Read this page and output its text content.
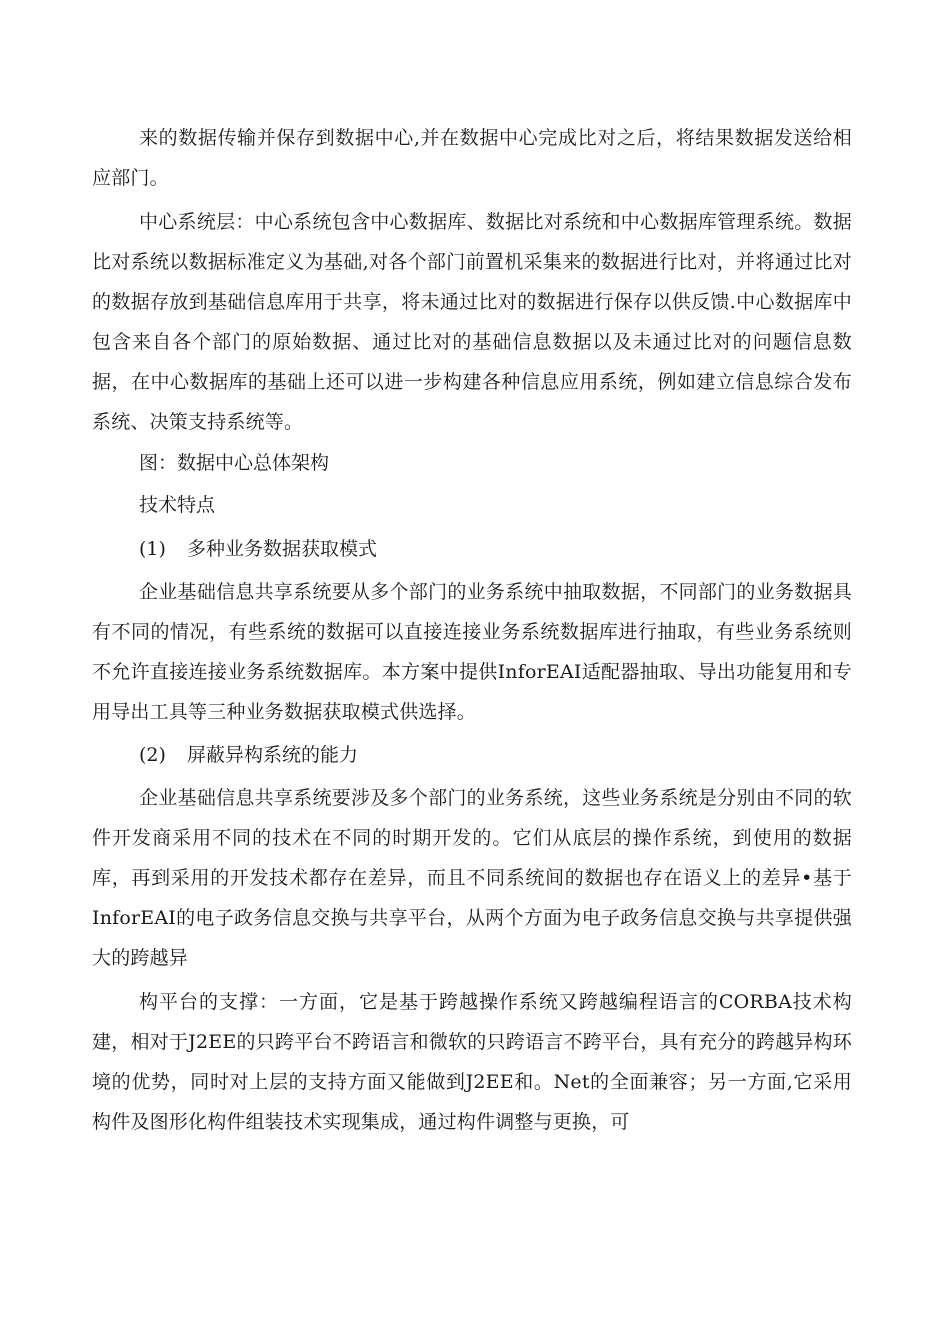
来的数据传输并保存到数据中心,并在数据中心完成比对之后，将结果数据发送给相应部门。

中心系统层：中心系统包含中心数据库、数据比对系统和中心数据库管理系统。数据比对系统以数据标准定义为基础,对各个部门前置机采集来的数据进行比对，并将通过比对的数据存放到基础信息库用于共享，将未通过比对的数据进行保存以供反馈.中心数据库中包含来自各个部门的原始数据、通过比对的基础信息数据以及未通过比对的问题信息数据，在中心数据库的基础上还可以进一步构建各种信息应用系统，例如建立信息综合发布系统、决策支持系统等。

图：数据中心总体架构

技术特点

(1) 多种业务数据获取模式

企业基础信息共享系统要从多个部门的业务系统中抽取数据，不同部门的业务数据具有不同的情况，有些系统的数据可以直接连接业务系统数据库进行抽取，有些业务系统则不允许直接连接业务系统数据库。本方案中提供InforEAI适配器抽取、导出功能复用和专用导出工具等三种业务数据获取模式供选择。

(2) 屏蔽异构系统的能力

企业基础信息共享系统要涉及多个部门的业务系统，这些业务系统是分别由不同的软件开发商采用不同的技术在不同的时期开发的。它们从底层的操作系统，到使用的数据库，再到采用的开发技术都存在差异，而且不同系统间的数据也存在语义上的差异•基于InforEAI的电子政务信息交换与共享平台，从两个方面为电子政务信息交换与共享提供强大的跨越异

构平台的支撑：一方面，它是基于跨越操作系统又跨越编程语言的CORBA技术构建，相对于J2EE的只跨平台不跨语言和微软的只跨语言不跨平台，具有充分的跨越异构环境的优势，同时对上层的支持方面又能做到J2EE和。Net的全面兼容；另一方面,它采用构件及图形化构件组装技术实现集成，通过构件调整与更换，可
